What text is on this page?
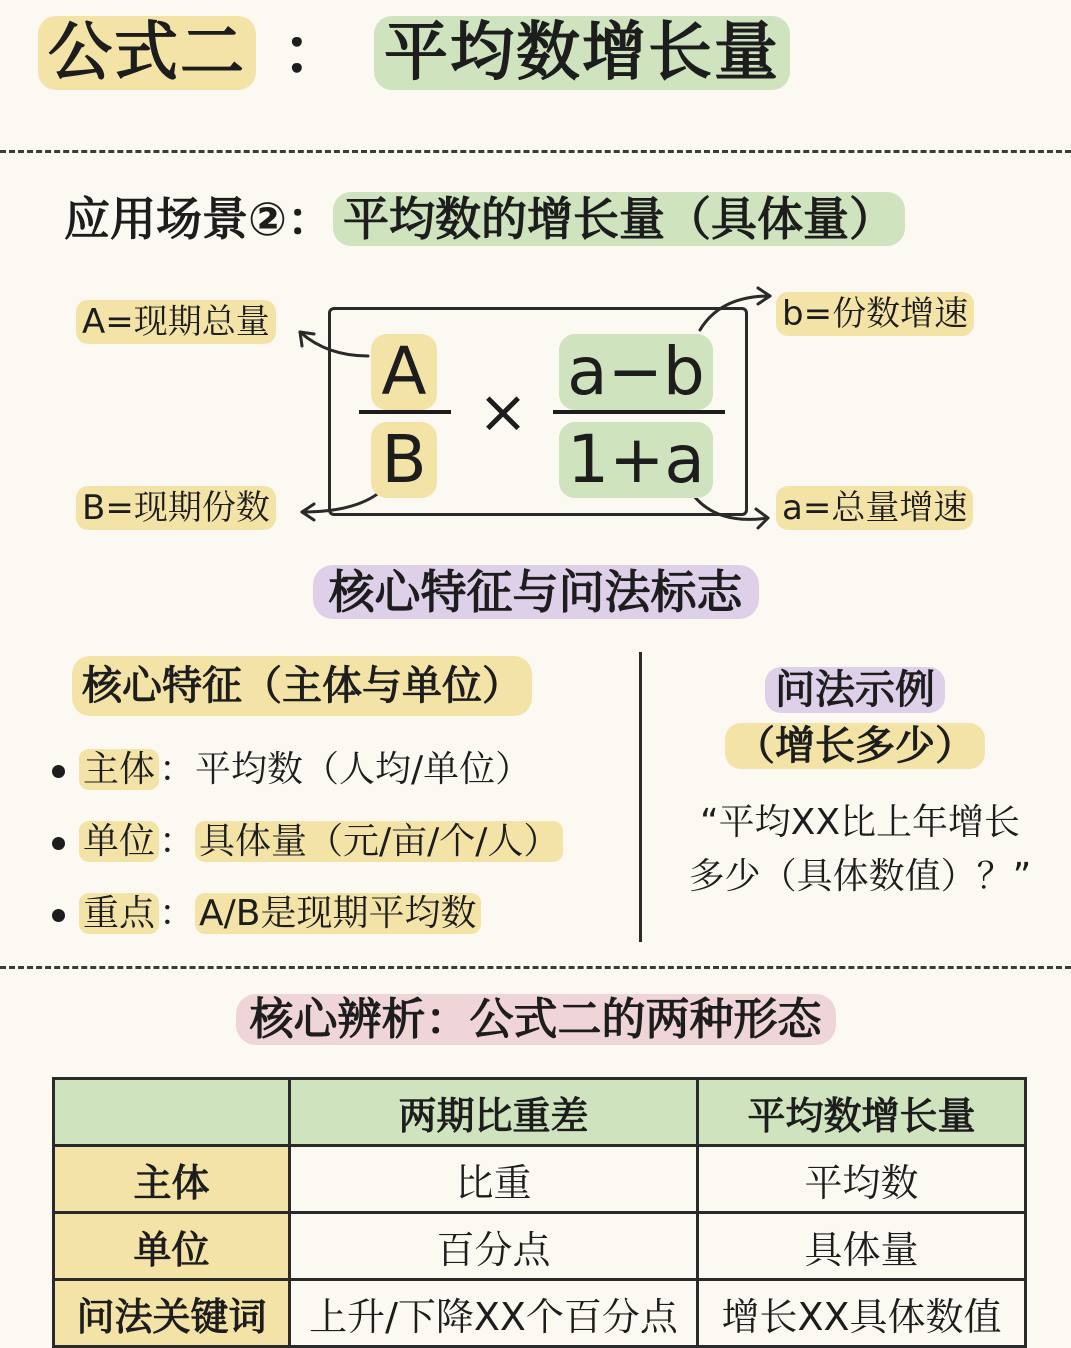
公式二 ： 平均数增长量
应用场景②： 平均数的增长量（具体量）
A=现期总量
B=现期份数
b=份数增速
a=总量增速
A
B
×
a−b
1+a
核心特征与问法标志
核心特征（主体与单位）
主体 ：平均数（人均/单位）
单位 ： 具体量（元/亩/个/人）
重点 ： A/B是现期平均数
问法示例
（增长多少）
“平均XX比上年增长
多少（具体数值）？”
核心辨析：公式二的两种形态
	两期比重差	平均数增长量
主体	比重	平均数
单位	百分点	具体量
问法关键词	上升/下降XX个百分点	增长XX具体数值
